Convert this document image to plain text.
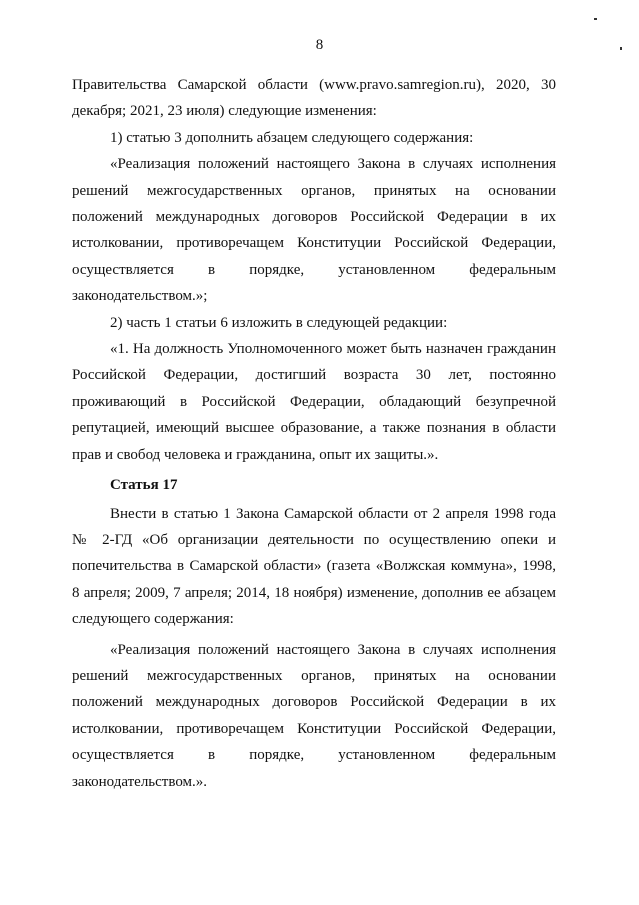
8

Правительства Самарской области (www.pravo.samregion.ru), 2020, 30 декабря; 2021, 23 июля) следующие изменения:

1) статью 3 дополнить абзацем следующего содержания:

«Реализация положений настоящего Закона в случаях исполнения решений межгосударственных органов, принятых на основании положений международных договоров Российской Федерации в их истолковании, противоречащем Конституции Российской Федерации, осуществляется в порядке, установленном федеральным законодательством.»;

2) часть 1 статьи 6 изложить в следующей редакции:

«1. На должность Уполномоченного может быть назначен гражданин Российской Федерации, достигший возраста 30 лет, постоянно проживающий в Российской Федерации, обладающий безупречной репутацией, имеющий высшее образование, а также познания в области прав и свобод человека и гражданина, опыт их защиты.».

Статья 17

Внести в статью 1 Закона Самарской области от 2 апреля 1998 года № 2-ГД «Об организации деятельности по осуществлению опеки и попечительства в Самарской области» (газета «Волжская коммуна», 1998, 8 апреля; 2009, 7 апреля; 2014, 18 ноября) изменение, дополнив ее абзацем следующего содержания:

«Реализация положений настоящего Закона в случаях исполнения решений межгосударственных органов, принятых на основании положений международных договоров Российской Федерации в их истолковании, противоречащем Конституции Российской Федерации, осуществляется в порядке, установленном федеральным законодательством.».
